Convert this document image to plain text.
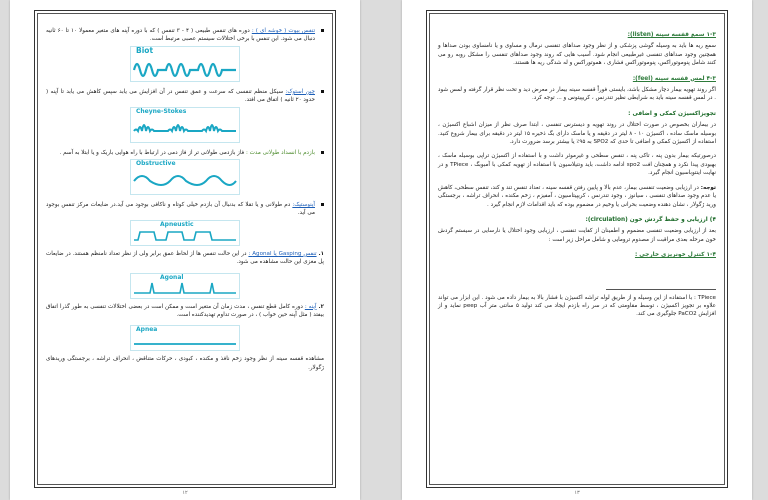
تنفس بیوت ( خوشه ای ) : دوره های تنفس طبیعی ( ۴ - ۳ تنفس ) که با دوره آپنه های متغیر معمولا ۱۰ تا ۶۰ ثانیه دنبال می شود. این تنفس با برخی اختلالات سیستم عصبی مرتبط است.
Biot
چین استوک: سیکل منظم تنفسی که سرعت و عمق تنفس در آن افزایش می یابد سپس کاهش می یابد تا آپنه ( حدود ۲۰ ثانیه ) اتفاق می افتد.
Cheyne-Stokes
بازدم با انسداد طولانی مدت : فاز بازدمی طولانی تر از فاز دمی در ارتباط با راه هوایی باریک و یا ابتلا به آسم .
Obstructive
آپنوستیک: دم طولانی و یا تقلا که بدنبال آن بازدم خیلی کوتاه و ناکافی بوجود می آید.در ضایعات مرکز تنفس بوجود می آید.
Apneustic
۱. تنفس Gasping یا Agonal : در این حالت تنفس ها از لحاظ عمق برابر ولی از نظر تعداد نامنظم هستند. در ضایعات پل مغزی این حالت مشاهده می شود.
Agonal
۲. آپنه : دوره کامل قطع تنفس ، مدت زمان آن متغیر است و ممکن است در بعضی اختلالات تنفسی به طور گذرا اتفاق بیفتد ( مثل آپنه حین خواب ) ، در صورت تداوم تهدیدکننده است.
Apnea
مشاهده قفسه سینه از نظر وجود زخم نافذ و مکنده ، کبودی ، حرکات متناقض ، انحراف تراشه ، برجستگی وریدهای ژگولار.
۱۲
۱-۳ سمع قفسه سینه (listen):
سمع ریه ها باید به وسیله گوشی پزشکی و از نظر وجود صداهای تنفسی نرمال و مساوی و یا نامساوی بودن صداها و همچنین وجود صداهای تنفسی غیرطبیعی انجام شود. آسیب هایی که روند وجود صداهای تنفسی را مشکل روبه رو می کنند شامل پنوموتوراکس، پنوموتوراکس فشاری ، هموتوراکس و له شدگی ریه ها هستند.
۴-۳ لمس قفسه سینه (feel):
اگر روند تهویه بیمار دچار مشکل باشد، بایستی فوراً قفسه سینه بیمار در معرض دید و تحت نظر قرار گرفته و لمس شود . در لمس قفسه سینه باید به شرایطی نظیر تندرنس ، کریپیتوس و ... توجه کرد.
تجویزاکسیژن کمکی و اضافی :
در بیماران بخصوص در صورت اختلال در روند تهویه و دیسترس تنفسی ، ابتدا صرف نظر از میزان اشباع اکسیژن ، بوسیله ماسک ساده ، اکسیژن ۱۰ - ۸ لیتر در دقیقه و یا ماسک دارای بگ ذخیره ۱۵ لیتر در دقیقه برای بیمار شروع کنید. استفاده از اکسیژن کمکی و اضافی تا حدی که SPO2 به ۹۵٪ یا بیشتر برسد ضرورت دارد.
درصورتیکه بیمار بدون پنه ، تاکی پنه ، تنفس سطحی و غیرموثر داشت و با استفاده از اکسیژن تراپی بوسیله ماسک ، بهبودی پیدا نکرد و همچنان افت spo2 ادامه داشت، باید ونتیلاسیون با استفاده از تهویه کمکی با آمبوبگ ، TPiece و در نهایت اینتوباسیون انجام گیرد.
توجه: در ارزیابی وضعیت تنفسی بیمار، عدم بالا و پایین رفتن قفسه سینه ، تعداد تنفس تند و کند، تنفس سطحی، کاهش یا عدم وجود صداهای تنفسی ، سیانوز ، وجود تندرنس ، کریپیتاسیون ، آمفیزم ، زخم مکنده ، انحراف تراشه ، برجستگی ورید ژگولار ، نشان دهنده وضعیت بحرانی یا وخیم در مضموم بوده که باید اقدامات لازم انجام گیرد .
۴) ارزیابی و حفظ گردش خون (circulation):
بعد از ارزیابی وضعیت تنفسی مضموم و اطمینان از کفایت تنفسی ، ارزیابی وجود اختلال یا نارسایی در سیستم گردش خون مرحله بعدی مراقبت از مصدوم ترومایی و شامل مراحل زیر است :
۱-۴ کنترل خونریزی خارجی :
TPiece : با استفاده از این وسیله و از طریق لوله تراشه اکسیژن با فشار بالا به بیمار داده می شود . این ابزار می تواند علاوه بر تجویز اکسیژن ، توسط مقاومتی که در سر راه بازدم ایجاد می کند تولید ۵ سانتی متر آب peep نماید و از افزایش PaCO2 جلوگیری می کند.
۱۳
